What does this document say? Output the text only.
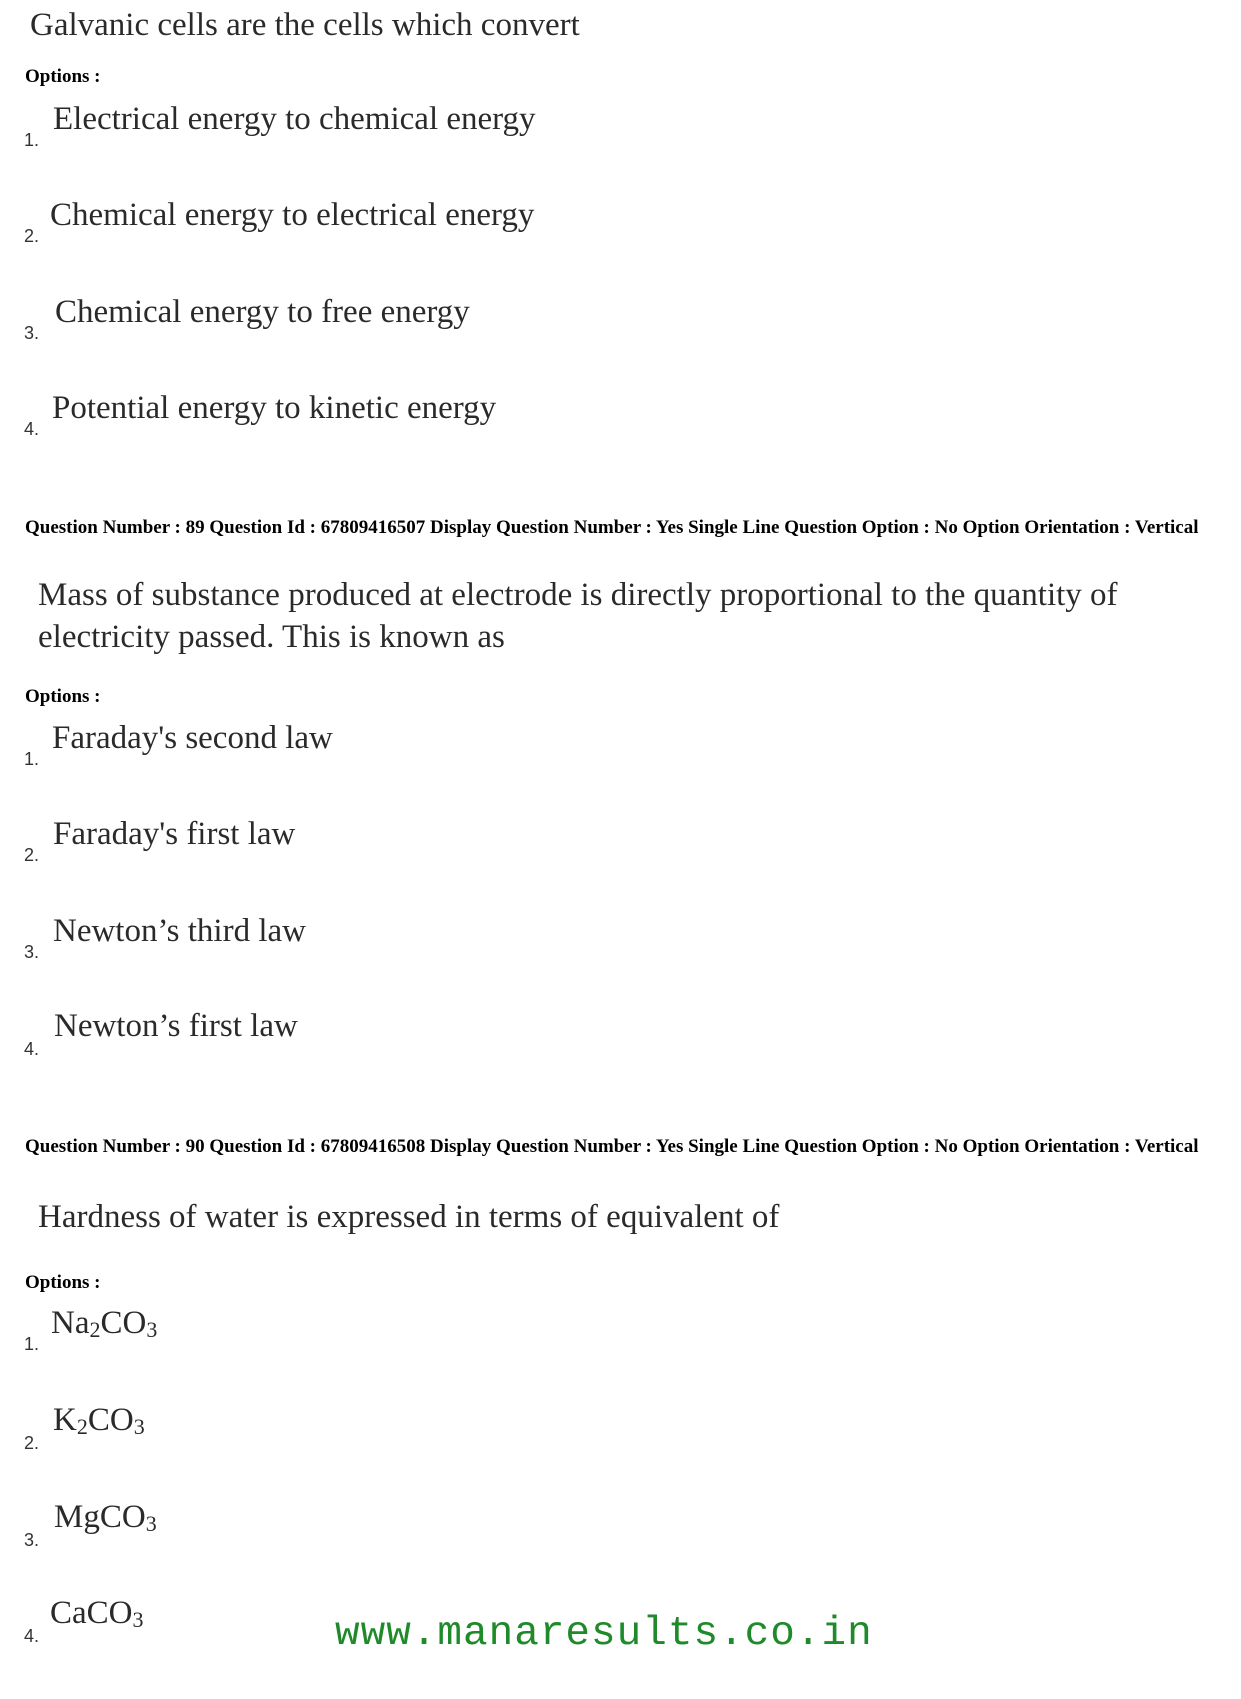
Galvanic cells are the cells which convert
Options :
1.
Electrical energy to chemical energy
2.
Chemical energy to electrical energy
3.
Chemical energy to free energy
4.
Potential energy to kinetic energy
Question Number : 89 Question Id : 67809416507 Display Question Number : Yes Single Line Question Option : No Option Orientation : Vertical
Mass of substance produced at electrode is directly proportional to the quantity of electricity passed. This is known as
Options :
1.
Faraday's second law
2.
Faraday's first law
3.
Newton’s third law
4.
Newton’s first law
Question Number : 90 Question Id : 67809416508 Display Question Number : Yes Single Line Question Option : No Option Orientation : Vertical
Hardness of water is expressed in terms of equivalent of
Options :
1.
$Na_2CO_3$
2.
$K_2CO_3$
3.
MgCO$_3$
4.
CaCO$_3$	www.manaresults.co.in
